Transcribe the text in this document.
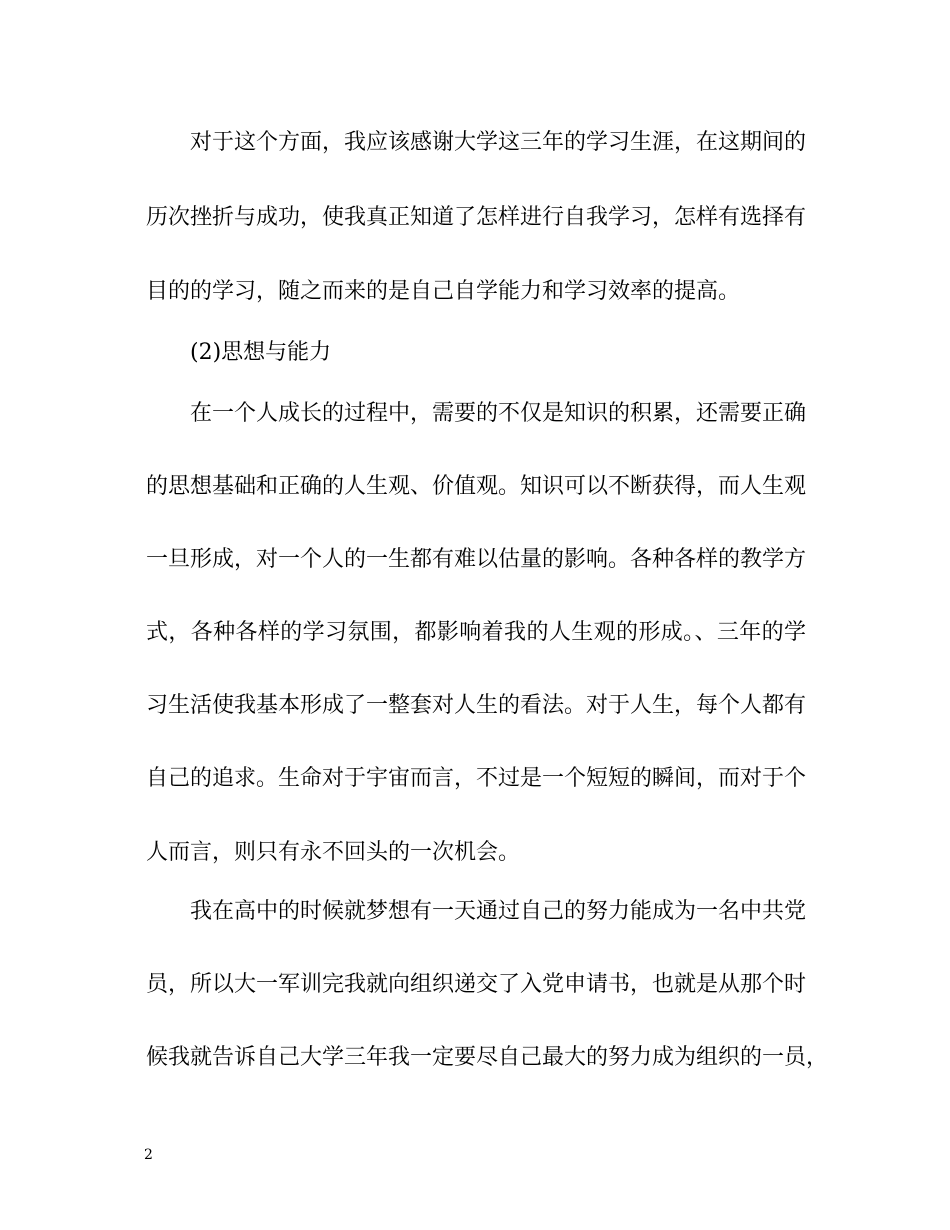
对于这个方面，我应该感谢大学这三年的学习生涯，在这期间的
历次挫折与成功，使我真正知道了怎样进行自我学习，怎样有选择有
目的的学习，随之而来的是自己自学能力和学习效率的提高。
(2)思想与能力
在一个人成长的过程中，需要的不仅是知识的积累，还需要正确
的思想基础和正确的人生观、价值观。知识可以不断获得，而人生观
一旦形成，对一个人的一生都有难以估量的影响。各种各样的教学方
式，各种各样的学习氛围，都影响着我的人生观的形成。、三年的学
习生活使我基本形成了一整套对人生的看法。对于人生，每个人都有
自己的追求。生命对于宇宙而言，不过是一个短短的瞬间，而对于个
人而言，则只有永不回头的一次机会。
我在高中的时候就梦想有一天通过自己的努力能成为一名中共党
员，所以大一军训完我就向组织递交了入党申请书，也就是从那个时
候我就告诉自己大学三年我一定要尽自己最大的努力成为组织的一员，
2
